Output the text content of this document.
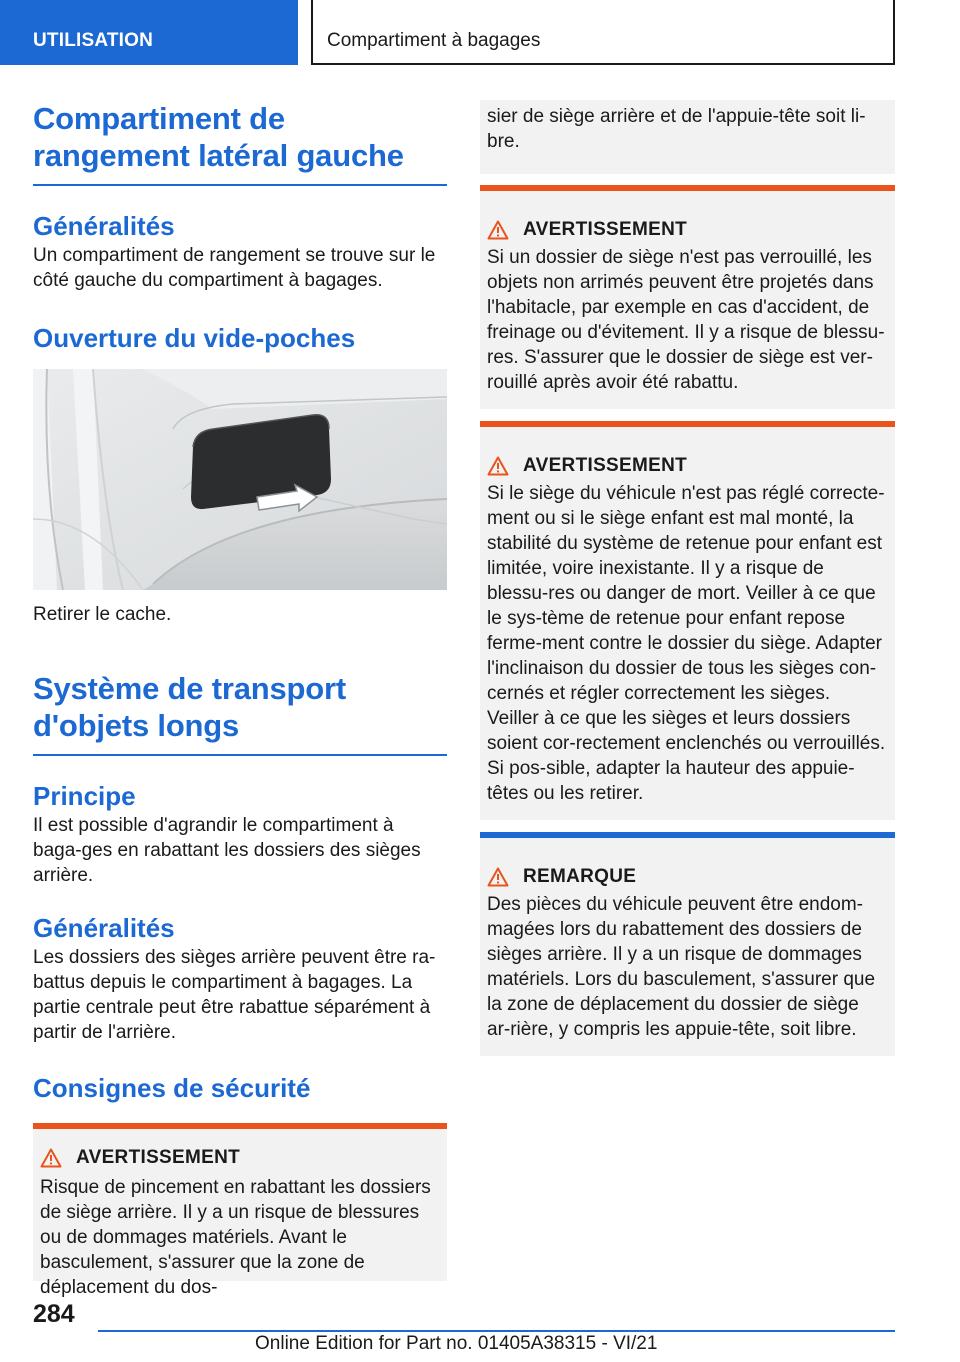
UTILISATION	Compartiment à bagages
Compartiment de
rangement latéral gauche
Généralités
Un compartiment de rangement se trouve sur le côté gauche du compartiment à bagages.
Ouverture du vide-poches
Retirer le cache.
Système de transport
d'objets longs
Principe
Il est possible d'agrandir le compartiment à baga-ges en rabattant les dossiers des sièges arrière.
Généralités
Les dossiers des sièges arrière peuvent être ra-battus depuis le compartiment à bagages. La partie centrale peut être rabattue séparément à partir de l'arrière.
Consignes de sécurité
AVERTISSEMENT
Risque de pincement en rabattant les dossiers de siège arrière. Il y a un risque de blessures ou de dommages matériels. Avant le basculement, s'assurer que la zone de déplacement du dos-
sier de siège arrière et de l'appuie-tête soit li-bre.
AVERTISSEMENT
Si un dossier de siège n'est pas verrouillé, les objets non arrimés peuvent être projetés dans l'habitacle, par exemple en cas d'accident, de freinage ou d'évitement. Il y a risque de blessu-res. S'assurer que le dossier de siège est ver-rouillé après avoir été rabattu.
AVERTISSEMENT
Si le siège du véhicule n'est pas réglé correcte-ment ou si le siège enfant est mal monté, la stabilité du système de retenue pour enfant est limitée, voire inexistante. Il y a risque de blessu-res ou danger de mort. Veiller à ce que le sys-tème de retenue pour enfant repose ferme-ment contre le dossier du siège. Adapter l'inclinaison du dossier de tous les sièges con-cernés et régler correctement les sièges. Veiller à ce que les sièges et leurs dossiers soient cor-rectement enclenchés ou verrouillés. Si pos-sible, adapter la hauteur des appuie-têtes ou les retirer.
REMARQUE
Des pièces du véhicule peuvent être endom-magées lors du rabattement des dossiers de sièges arrière. Il y a un risque de dommages matériels. Lors du basculement, s'assurer que la zone de déplacement du dossier de siège ar-rière, y compris les appuie-tête, soit libre.
284
Online Edition for Part no. 01405A38315 - VI/21
